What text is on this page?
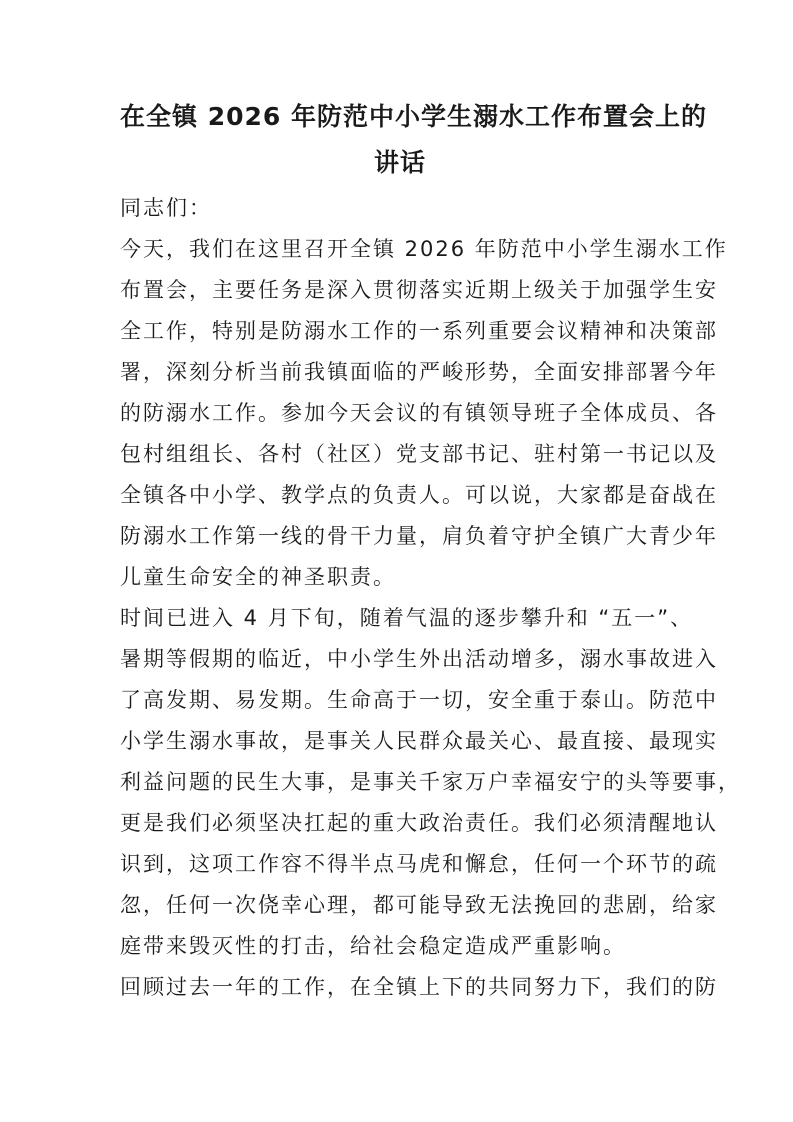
在全镇 2026 年防范中小学生溺水工作布置会上的
讲话

同志们：

今天，我们在这里召开全镇 2026 年防范中小学生溺水工作

布置会，主要任务是深入贯彻落实近期上级关于加强学生安

全工作，特别是防溺水工作的一系列重要会议精神和决策部

署，深刻分析当前我镇面临的严峻形势，全面安排部署今年

的防溺水工作。参加今天会议的有镇领导班子全体成员、各

包村组组长、各村（社区）党支部书记、驻村第一书记以及

全镇各中小学、教学点的负责人。可以说，大家都是奋战在

防溺水工作第一线的骨干力量，肩负着守护全镇广大青少年

儿童生命安全的神圣职责。

时间已进入 4 月下旬，随着气温的逐步攀升和 “五一”、

暑期等假期的临近，中小学生外出活动增多，溺水事故进入

了高发期、易发期。生命高于一切，安全重于泰山。防范中

小学生溺水事故，是事关人民群众最关心、最直接、最现实

利益问题的民生大事，是事关千家万户幸福安宁的头等要事，

更是我们必须坚决扛起的重大政治责任。我们必须清醒地认

识到，这项工作容不得半点马虎和懈怠，任何一个环节的疏

忽，任何一次侥幸心理，都可能导致无法挽回的悲剧，给家

庭带来毁灭性的打击，给社会稳定造成严重影响。

回顾过去一年的工作，在全镇上下的共同努力下，我们的防
